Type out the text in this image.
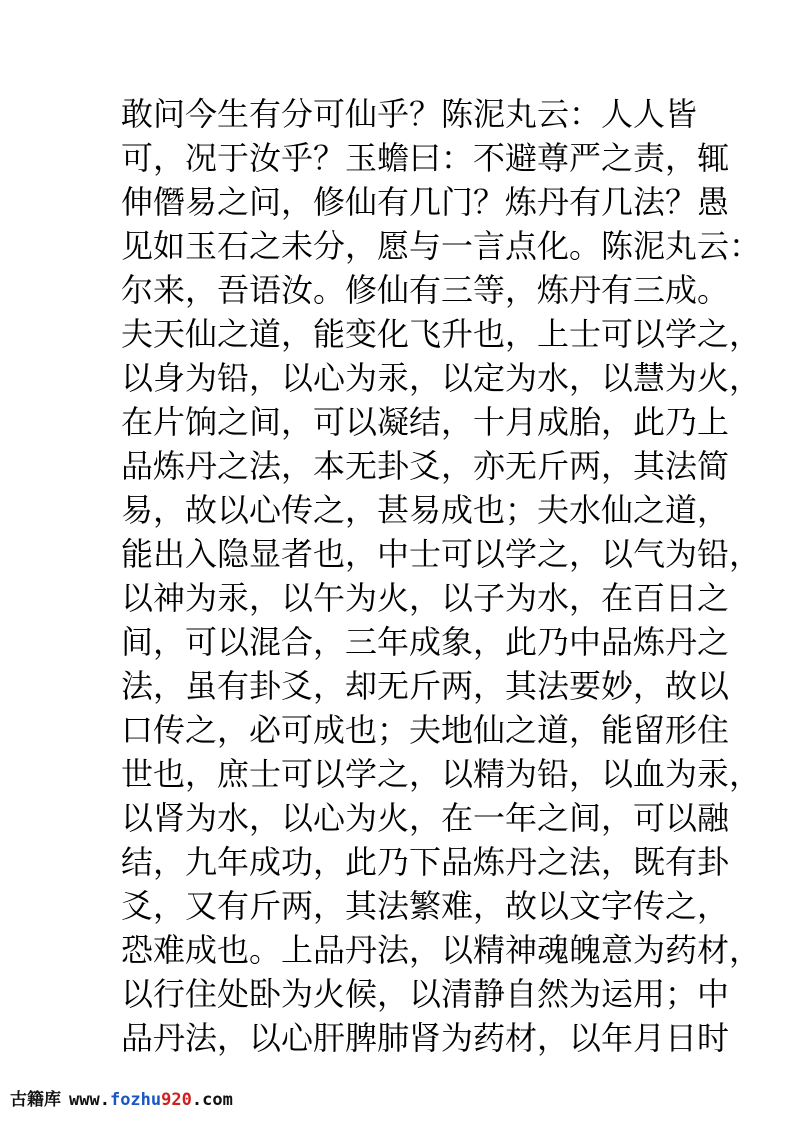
敢问今生有分可仙乎？陈泥丸云：人人皆
可，况于汝乎？玉蟾曰：不避尊严之责，辄
伸僭易之问，修仙有几门？炼丹有几法？愚
见如玉石之未分，愿与一言点化。陈泥丸云：
尔来，吾语汝。修仙有三等，炼丹有三成。
夫天仙之道，能变化飞升也，上士可以学之，
以身为铅，以心为汞，以定为水，以慧为火，
在片饷之间，可以凝结，十月成胎，此乃上
品炼丹之法，本无卦爻，亦无斤两，其法简
易，故以心传之，甚易成也；夫水仙之道，
能出入隐显者也，中士可以学之，以气为铅，
以神为汞，以午为火，以子为水，在百日之
间，可以混合，三年成象，此乃中品炼丹之
法，虽有卦爻，却无斤两，其法要妙，故以
口传之，必可成也；夫地仙之道，能留形住
世也，庶士可以学之，以精为铅，以血为汞，
以肾为水，以心为火，在一年之间，可以融
结，九年成功，此乃下品炼丹之法，既有卦
爻，又有斤两，其法繁难，故以文字传之，
恐难成也。上品丹法，以精神魂魄意为药材，
以行住处卧为火候，以清静自然为运用；中
品丹法，以心肝脾肺肾为药材，以年月日时
古籍库 www.fozhu920.com
